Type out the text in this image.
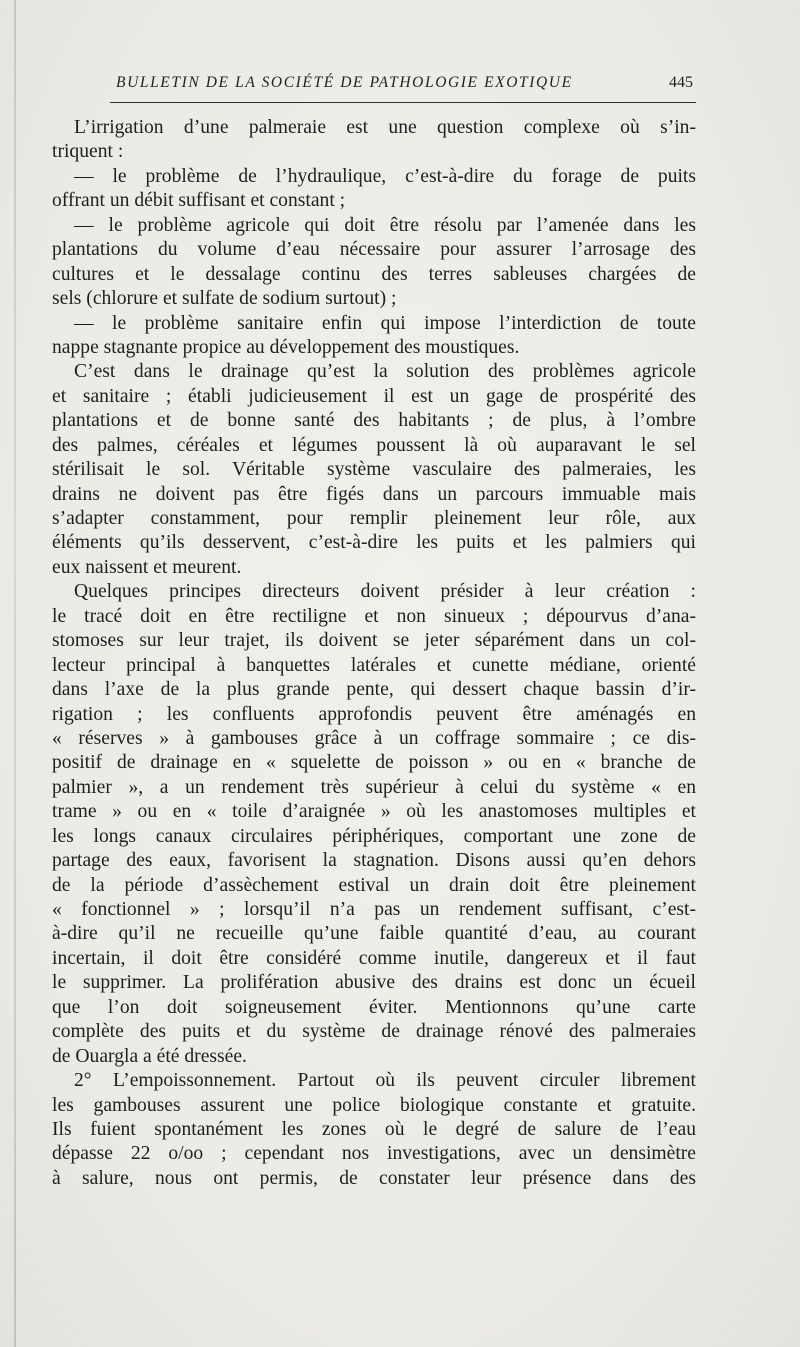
BULLETIN DE LA SOCIÉTÉ DE PATHOLOGIE EXOTIQUE	445
L’irrigation d’une palmeraie est une question complexe où s’in-
triquent :
— le problème de l’hydraulique, c’est-à-dire du forage de puits
offrant un débit suffisant et constant ;
— le problème agricole qui doit être résolu par l’amenée dans les
plantations du volume d’eau nécessaire pour assurer l’arrosage des
cultures et le dessalage continu des terres sableuses chargées de
sels (chlorure et sulfate de sodium surtout) ;
— le problème sanitaire enfin qui impose l’interdiction de toute
nappe stagnante propice au développement des moustiques.
C’est dans le drainage qu’est la solution des problèmes agricole
et sanitaire ; établi judicieusement il est un gage de prospérité des
plantations et de bonne santé des habitants ; de plus, à l’ombre
des palmes, céréales et légumes poussent là où auparavant le sel
stérilisait le sol. Véritable système vasculaire des palmeraies, les
drains ne doivent pas être figés dans un parcours immuable mais
s’adapter constamment, pour remplir pleinement leur rôle, aux
éléments qu’ils desservent, c’est-à-dire les puits et les palmiers qui
eux naissent et meurent.
Quelques principes directeurs doivent présider à leur création :
le tracé doit en être rectiligne et non sinueux ; dépourvus d’ana-
stomoses sur leur trajet, ils doivent se jeter séparément dans un col-
lecteur principal à banquettes latérales et cunette médiane, orienté
dans l’axe de la plus grande pente, qui dessert chaque bassin d’ir-
rigation ; les confluents approfondis peuvent être aménagés en
« réserves » à gambouses grâce à un coffrage sommaire ; ce dis-
positif de drainage en « squelette de poisson » ou en « branche de
palmier », a un rendement très supérieur à celui du système « en
trame » ou en « toile d’araignée » où les anastomoses multiples et
les longs canaux circulaires périphériques, comportant une zone de
partage des eaux, favorisent la stagnation. Disons aussi qu’en dehors
de la période d’assèchement estival un drain doit être pleinement
« fonctionnel » ; lorsqu’il n’a pas un rendement suffisant, c’est-
à-dire qu’il ne recueille qu’une faible quantité d’eau, au courant
incertain, il doit être considéré comme inutile, dangereux et il faut
le supprimer. La prolifération abusive des drains est donc un écueil
que l’on doit soigneusement éviter. Mentionnons qu’une carte
complète des puits et du système de drainage rénové des palmeraies
de Ouargla a été dressée.
2° L’empoissonnement. Partout où ils peuvent circuler librement
les gambouses assurent une police biologique constante et gratuite.
Ils fuient spontanément les zones où le degré de salure de l’eau
dépasse 22 o/oo ; cependant nos investigations, avec un densimètre
à salure, nous ont permis, de constater leur présence dans des
